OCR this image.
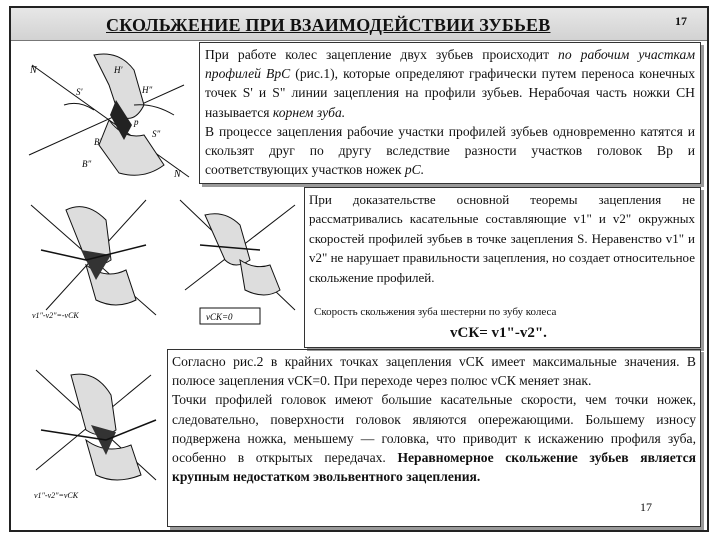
СКОЛЬЖЕНИЕ ПРИ ВЗАИМОДЕЙСТВИИ ЗУБЬЕВ	17
N
S'
B'
H'
B"
H"
S"
p
N

При работе колес зацепление двух зубьев происходит по рабочим участкам профилей BpC (рис.1), которые определяют графически путем переноса конечных точек S' и S" линии зацепления на профили зубьев. Нерабочая часть ножки CH называется корнем зуба.

В процессе зацепления рабочие участки профилей зубьев одновременно катятся и скользят друг по другу вследствие разности участков головок Bp и соответствующих участков ножек pC.

v1"-v2"=-vСК	vСК=0
При доказательстве основной теоремы зацепления не рассматривались касательные составляющие v1" и v2" окружных скоростей профилей зубьев в точке зацепления S. Неравенство v1" и v2" не нарушает правильности зацепления, но создает относительное скольжение профилей.
Скорость скольжения зуба шестерни по зубу колеса
vСК= v1"-v2".
v1"-v2"=vСК

Согласно рис.2 в крайних точках зацепления vСК имеет максимальные значения. В полюсе зацепления vСК=0. При переходе через полюс vСК меняет знак.

Точки профилей головок имеют большие касательные скорости, чем точки ножек, следовательно, поверхности головок являются опережающими. Большему износу подвержена ножка, меньшему — головка, что приводит к искажению профиля зуба, особенно в открытых передачах. Неравномерное скольжение зубьев является крупным недостатком эвольвентного зацепления.

17
